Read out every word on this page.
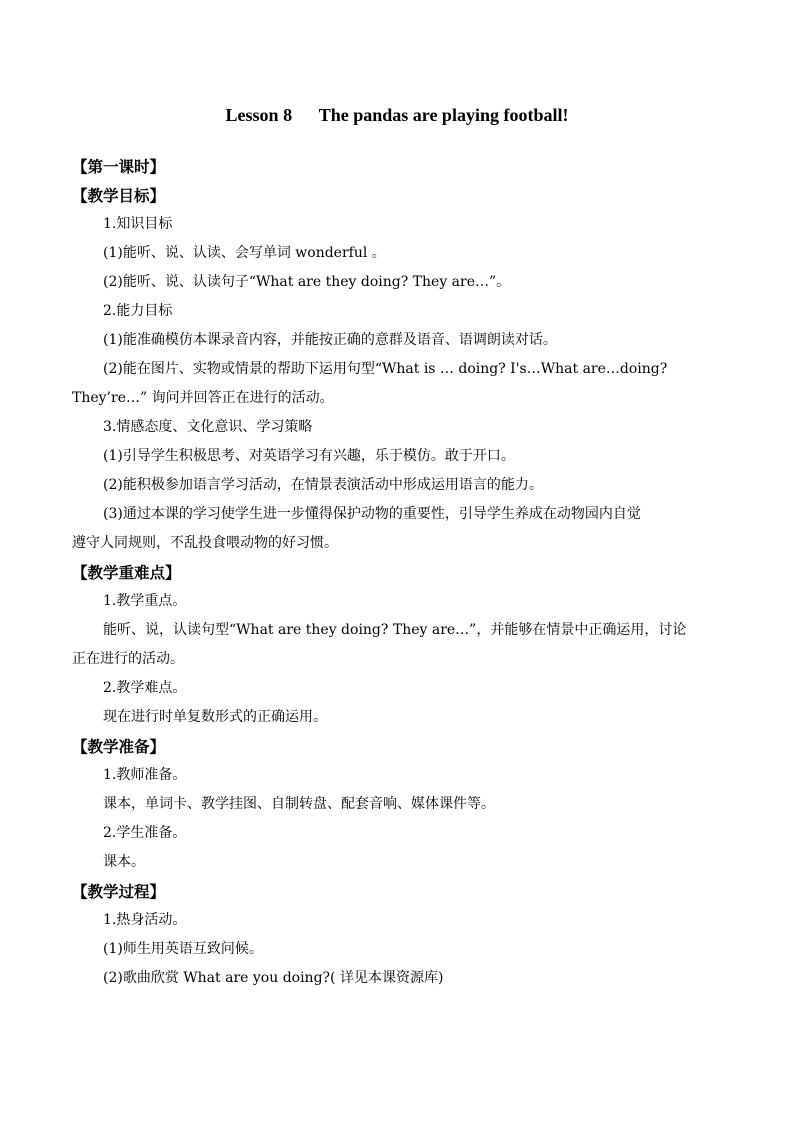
Lesson 8      The pandas are playing football!
【第一课时】
【教学目标】
1.知识目标
(1)能听、说、认读、会写单词 wonderful 。
(2)能听、说、认读句子“What are they doing? They are…”。
2.能力目标
(1)能准确模仿本课录音内容，并能按正确的意群及语音、语调朗读对话。
(2)能在图片、实物或情景的帮助下运用句型“What is … doing? I's…What are…doing?
They’re…” 询问并回答正在进行的活动。
3.情感态度、文化意识、学习策略
(1)引导学生积极思考、对英语学习有兴趣，乐于模仿。敢于开口。
(2)能积极参加语言学习活动，在情景表演活动中形成运用语言的能力。
(3)通过本课的学习使学生进一步懂得保护动物的重要性，引导学生养成在动物园内自觉
遵守人同规则，不乱投食喂动物的好习惯。
【教学重难点】
1.教学重点。
能听、说，认读句型“What are they doing? They are…”，并能够在情景中正确运用，讨论
正在进行的活动。
2.教学难点。
现在进行时单复数形式的正确运用。
【教学准备】
1.教师准备。
课本，单词卡、教学挂图、自制转盘、配套音响、媒体课件等。
2.学生准备。
课本。
【教学过程】
1.热身活动。
(1)师生用英语互致问候。
(2)歌曲欣赏 What are you doing?( 详见本课资源库)
